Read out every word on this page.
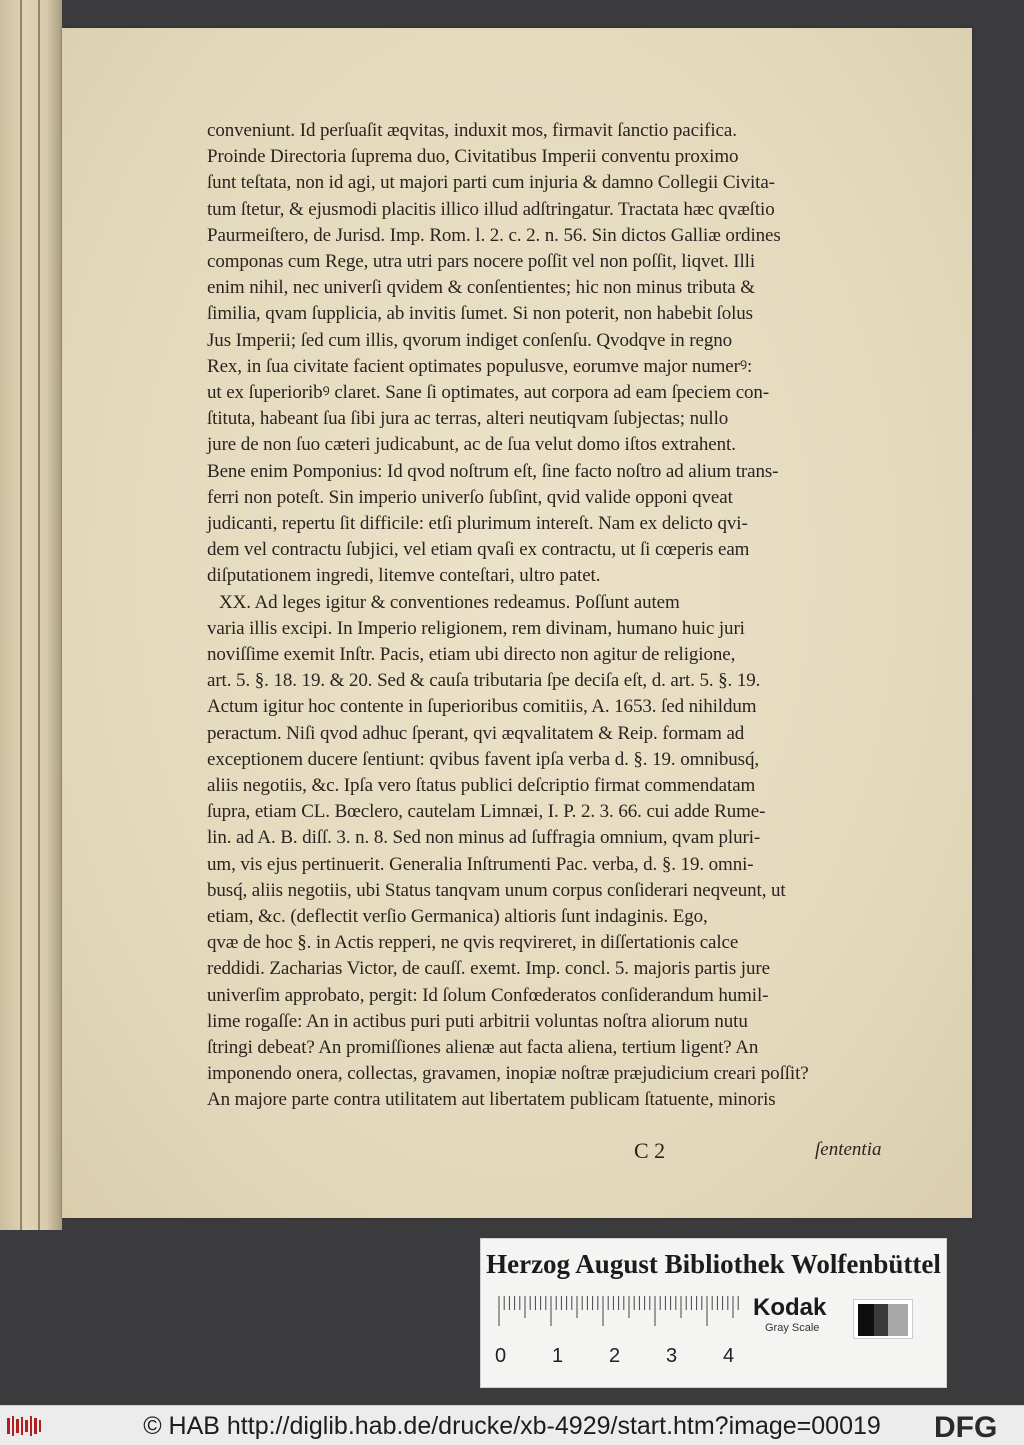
conveniunt. Id perſuaſit æqvitas, induxit mos, firmavit ſanctio pacifica.
Proinde Directoria ſuprema duo, Civitatibus Imperii conventu proximo
ſunt teſtata, non id agi, ut majori parti cum injuria & damno Collegii Civita-
tum ſtetur, & ejusmodi placitis illico illud adſtringatur. Tractata hæc qvæſtio
Paurmeiſtero, de Jurisd. Imp. Rom. l. 2. c. 2. n. 56. Sin dictos Galliæ ordines
componas cum Rege, utra utri pars nocere poſſit vel non poſſit, liqvet. Illi
enim nihil, nec univerſi qvidem & conſentientes; hic non minus tributa &
ſimilia, qvam ſupplicia, ab invitis ſumet. Si non poterit, non habebit ſolus
Jus Imperii; ſed cum illis, qvorum indiget conſenſu. Qvodqve in regno
Rex, in ſua civitate facient optimates populusve, eorumve major numerꝰ:
ut ex ſuperioribꝰ claret. Sane ſi optimates, aut corpora ad eam ſpeciem con-
ſtituta, habeant ſua ſibi jura ac terras, alteri neutiqvam ſubjectas; nullo
jure de non ſuo cæteri judicabunt, ac de ſua velut domo iſtos extrahent.
Bene enim Pomponius: Id qvod noſtrum eſt, ſine facto noſtro ad alium trans-
ferri non poteſt. Sin imperio univerſo ſubſint, qvid valide opponi qveat
judicanti, repertu ſit difficile: etſi plurimum intereſt. Nam ex delicto qvi-
dem vel contractu ſubjici, vel etiam qvaſi ex contractu, ut ſi cœperis eam
diſputationem ingredi, litemve conteſtari, ultro patet.
XX. Ad leges igitur & conventiones redeamus. Poſſunt autem
varia illis excipi. In Imperio religionem, rem divinam, humano huic juri
noviſſime exemit Inſtr. Pacis, etiam ubi directo non agitur de religione,
art. 5. §. 18. 19. & 20. Sed & cauſa tributaria ſpe deciſa eſt, d. art. 5. §. 19.
Actum igitur hoc contente in ſuperioribus comitiis, A. 1653. ſed nihildum
peractum. Niſi qvod adhuc ſperant, qvi æqvalitatem & Reip. formam ad
exceptionem ducere ſentiunt: qvibus favent ipſa verba d. §. 19. omnibusq́,
aliis negotiis, &c. Ipſa vero ſtatus publici deſcriptio firmat commendatam
ſupra, etiam CL. Bœclero, cautelam Limnæi, I. P. 2. 3. 66. cui adde Rume-
lin. ad A. B. diſſ. 3. n. 8. Sed non minus ad ſuffragia omnium, qvam pluri-
um, vis ejus pertinuerit. Generalia Inſtrumenti Pac. verba, d. §. 19. omni-
busq́, aliis negotiis, ubi Status tanqvam unum corpus conſiderari neqveunt, ut
etiam, &c. (deflectit verſio Germanica) altioris ſunt indaginis. Ego,
qvæ de hoc §. in Actis repperi, ne qvis reqvireret, in diſſertationis calce
reddidi. Zacharias Victor, de cauſſ. exemt. Imp. concl. 5. majoris partis jure
univerſim approbato, pergit: Id ſolum Confœderatos conſiderandum humil-
lime rogaſſe: An in actibus puri puti arbitrii voluntas noſtra aliorum nutu
ſtringi debeat? An promiſſiones alienæ aut facta aliena, tertium ligent? An
imponendo onera, collectas, gravamen, inopiæ noſtræ præjudicium creari poſſit?
An majore parte contra utilitatem aut libertatem publicam ſtatuente, minoris
C 2	ſententia
Herzog August Bibliothek Wolfenbüttel
0 1 2 3 4
Kodak
Gray Scale
© HAB http://diglib.hab.de/drucke/xb-4929/start.htm?image=00019	DFG
